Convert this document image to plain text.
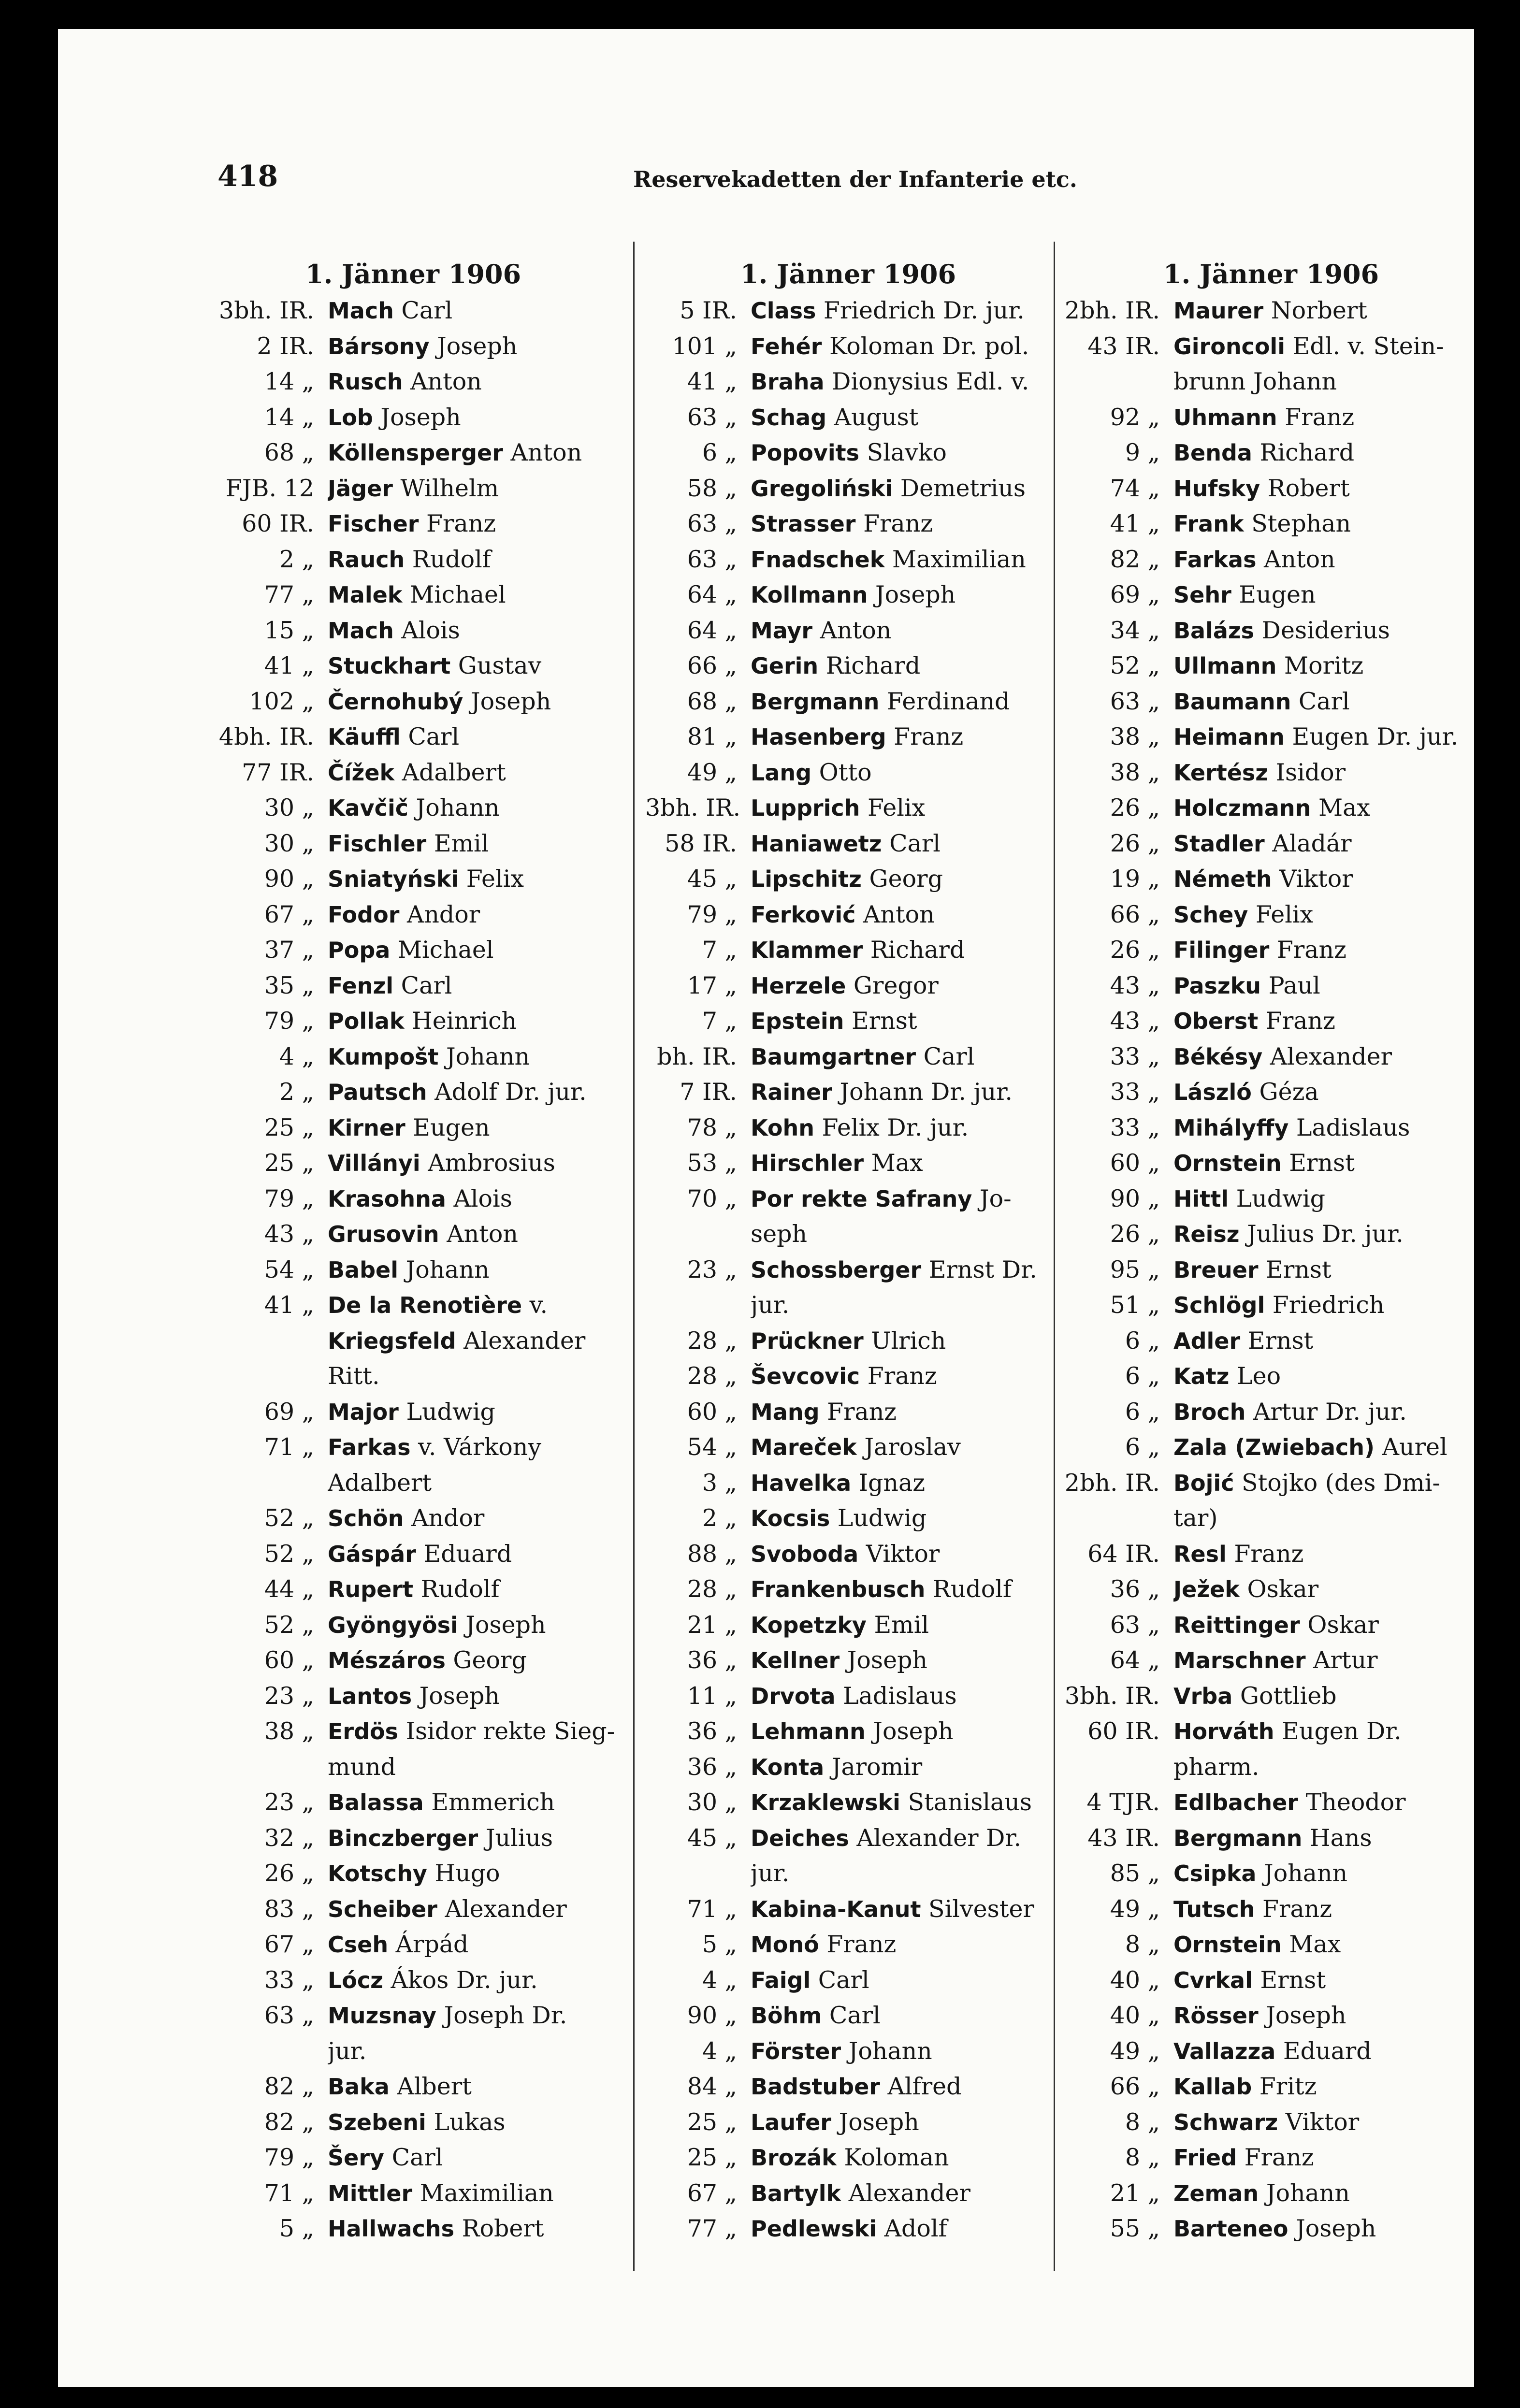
418	Reservekadetten der Infanterie etc.
1. Jänner 1906
3bh. IR. Mach Carl
2 IR. Bársony Joseph
14 „ Rusch Anton
14 „ Lob Joseph
68 „ Köllensperger Anton
FJB. 12 Jäger Wilhelm
60 IR. Fischer Franz
2 „ Rauch Rudolf
77 „ Malek Michael
15 „ Mach Alois
41 „ Stuckhart Gustav
102 „ Černohubý Joseph
4bh. IR. Käuffl Carl
77 IR. Čížek Adalbert
30 „ Kavčič Johann
30 „ Fischler Emil
90 „ Sniatyński Felix
67 „ Fodor Andor
37 „ Popa Michael
35 „ Fenzl Carl
79 „ Pollak Heinrich
4 „ Kumpošt Johann
2 „ Pautsch Adolf Dr. jur.
25 „ Kirner Eugen
25 „ Villányi Ambrosius
79 „ Krasohna Alois
43 „ Grusovin Anton
54 „ Babel Johann
41 „ De la Renotière v.
Kriegsfeld Alexander
Ritt.
69 „ Major Ludwig
71 „ Farkas v. Várkony
Adalbert
52 „ Schön Andor
52 „ Gáspár Eduard
44 „ Rupert Rudolf
52 „ Gyöngyösi Joseph
60 „ Mészáros Georg
23 „ Lantos Joseph
38 „ Erdös Isidor rekte Sieg-
mund
23 „ Balassa Emmerich
32 „ Binczberger Julius
26 „ Kotschy Hugo
83 „ Scheiber Alexander
67 „ Cseh Árpád
33 „ Lócz Ákos Dr. jur.
63 „ Muzsnay Joseph Dr.
jur.
82 „ Baka Albert
82 „ Szebeni Lukas
79 „ Šery Carl
71 „ Mittler Maximilian
5 „ Hallwachs Robert
1. Jänner 1906
5 IR. Class Friedrich Dr. jur.
101 „ Fehér Koloman Dr. pol.
41 „ Braha Dionysius Edl. v.
63 „ Schag August
6 „ Popovits Slavko
58 „ Gregoliński Demetrius
63 „ Strasser Franz
63 „ Fnadschek Maximilian
64 „ Kollmann Joseph
64 „ Mayr Anton
66 „ Gerin Richard
68 „ Bergmann Ferdinand
81 „ Hasenberg Franz
49 „ Lang Otto
3bh. IR. Lupprich Felix
58 IR. Haniawetz Carl
45 „ Lipschitz Georg
79 „ Ferković Anton
7 „ Klammer Richard
17 „ Herzele Gregor
7 „ Epstein Ernst
bh. IR. Baumgartner Carl
7 IR. Rainer Johann Dr. jur.
78 „ Kohn Felix Dr. jur.
53 „ Hirschler Max
70 „ Por rekte Safrany Jo-
seph
23 „ Schossberger Ernst Dr.
jur.
28 „ Prückner Ulrich
28 „ Ševcovic Franz
60 „ Mang Franz
54 „ Mareček Jaroslav
3 „ Havelka Ignaz
2 „ Kocsis Ludwig
88 „ Svoboda Viktor
28 „ Frankenbusch Rudolf
21 „ Kopetzky Emil
36 „ Kellner Joseph
11 „ Drvota Ladislaus
36 „ Lehmann Joseph
36 „ Konta Jaromir
30 „ Krzaklewski Stanislaus
45 „ Deiches Alexander Dr.
jur.
71 „ Kabina-Kanut Silvester
5 „ Monó Franz
4 „ Faigl Carl
90 „ Böhm Carl
4 „ Förster Johann
84 „ Badstuber Alfred
25 „ Laufer Joseph
25 „ Brozák Koloman
67 „ Bartylk Alexander
77 „ Pedlewski Adolf
1. Jänner 1906
2bh. IR. Maurer Norbert
43 IR. Gironcoli Edl. v. Stein-
brunn Johann
92 „ Uhmann Franz
9 „ Benda Richard
74 „ Hufsky Robert
41 „ Frank Stephan
82 „ Farkas Anton
69 „ Sehr Eugen
34 „ Balázs Desiderius
52 „ Ullmann Moritz
63 „ Baumann Carl
38 „ Heimann Eugen Dr. jur.
38 „ Kertész Isidor
26 „ Holczmann Max
26 „ Stadler Aladár
19 „ Németh Viktor
66 „ Schey Felix
26 „ Filinger Franz
43 „ Paszku Paul
43 „ Oberst Franz
33 „ Békésy Alexander
33 „ László Géza
33 „ Mihályffy Ladislaus
60 „ Ornstein Ernst
90 „ Hittl Ludwig
26 „ Reisz Julius Dr. jur.
95 „ Breuer Ernst
51 „ Schlögl Friedrich
6 „ Adler Ernst
6 „ Katz Leo
6 „ Broch Artur Dr. jur.
6 „ Zala (Zwiebach) Aurel
2bh. IR. Bojić Stojko (des Dmi-
tar)
64 IR. Resl Franz
36 „ Ježek Oskar
63 „ Reittinger Oskar
64 „ Marschner Artur
3bh. IR. Vrba Gottlieb
60 IR. Horváth Eugen Dr.
pharm.
4 TJR. Edlbacher Theodor
43 IR. Bergmann Hans
85 „ Csipka Johann
49 „ Tutsch Franz
8 „ Ornstein Max
40 „ Cvrkal Ernst
40 „ Rösser Joseph
49 „ Vallazza Eduard
66 „ Kallab Fritz
8 „ Schwarz Viktor
8 „ Fried Franz
21 „ Zeman Johann
55 „ Barteneo Joseph
